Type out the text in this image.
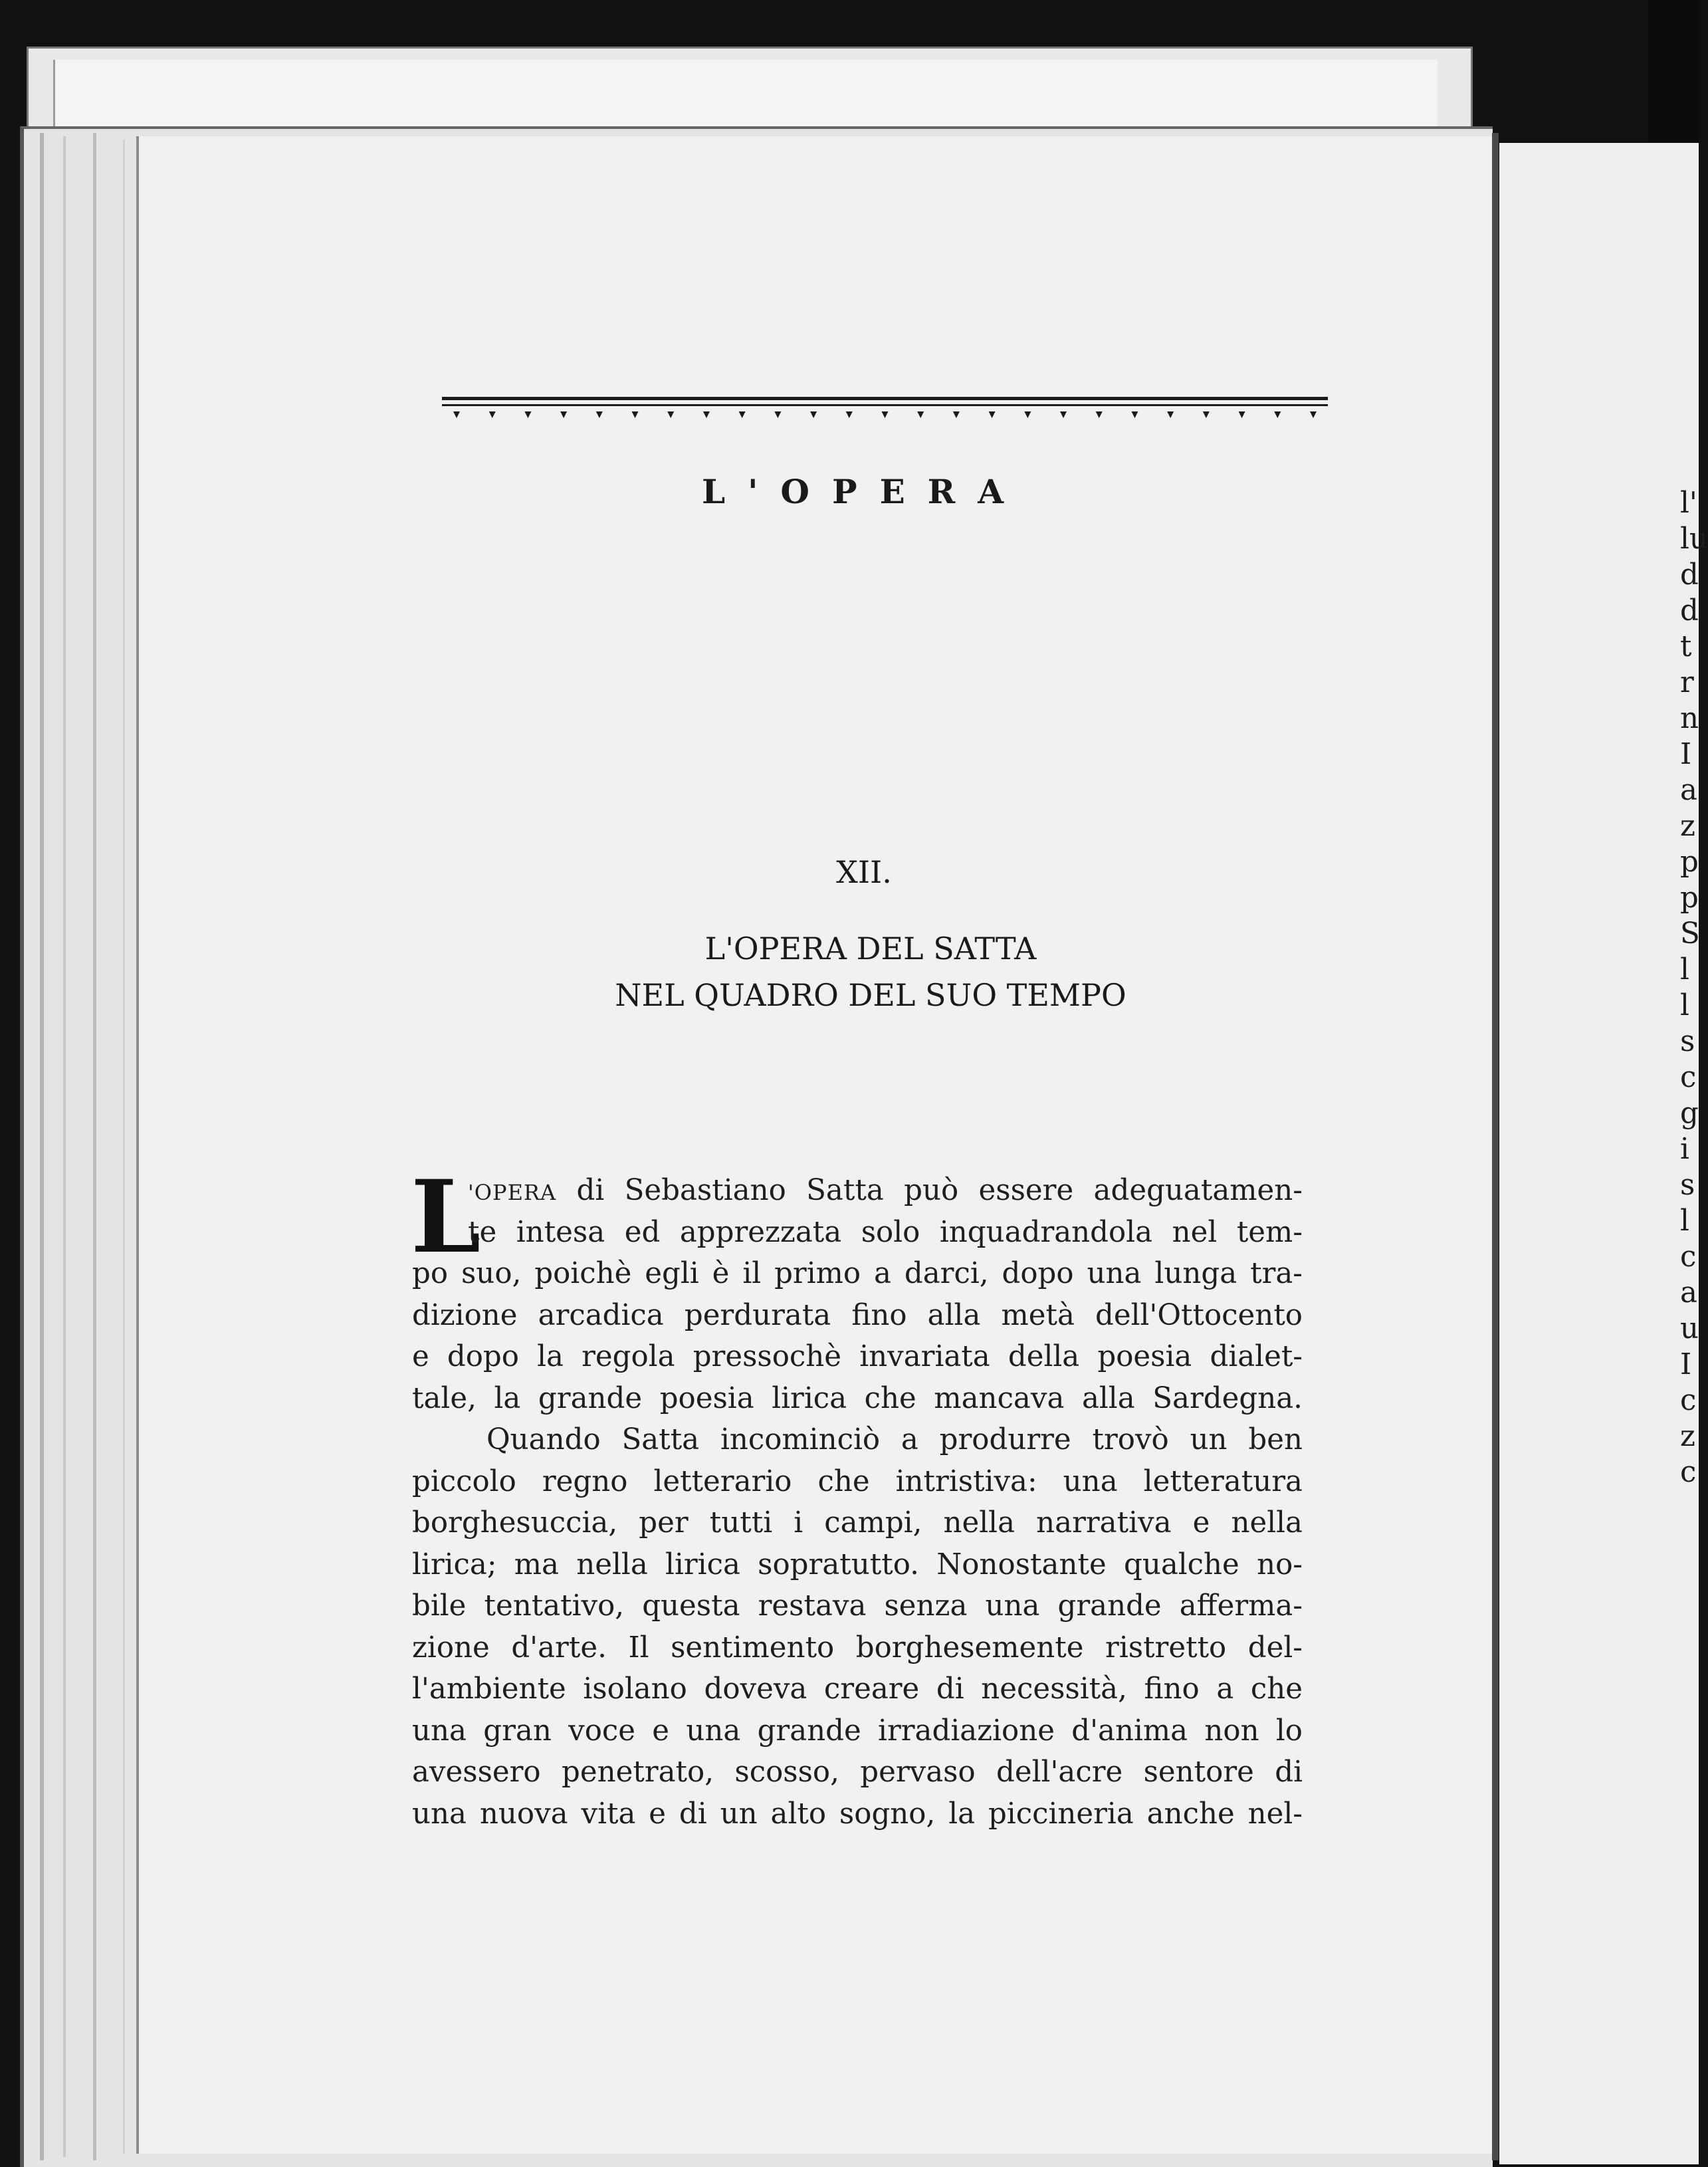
L'OPERA
XII.
L'OPERA DEL SATTA
NEL QUADRO DEL SUO TEMPO
L
'OPERA di Sebastiano Satta può essere adeguatamen-
te intesa ed apprezzata solo inquadrandola nel tem-
po suo, poichè egli è il primo a darci, dopo una lunga tra-
dizione arcadica perdurata fino alla metà dell'Ottocento
e dopo la regola pressochè invariata della poesia dialet-
tale, la grande poesia lirica che mancava alla Sardegna.
Quando Satta incominciò a produrre trovò un ben
piccolo regno letterario che intristiva: una letteratura
borghesuccia, per tutti i campi, nella narrativa e nella
lirica; ma nella lirica sopratutto. Nonostante qualche no-
bile tentativo, questa restava senza una grande afferma-
zione d'arte. Il sentimento borghesemente ristretto del-
l'ambiente isolano doveva creare di necessità, fino a che
una gran voce e una grande irradiazione d'anima non lo
avessero penetrato, scosso, pervaso dell'acre sentore di
una nuova vita e di un alto sogno, la piccineria anche nel-
l'
lu
d
d
t
r
n
I
a
z
p
p
S
l
l
s
c
g
i
s
l
c
a
u
I
c
z
c
